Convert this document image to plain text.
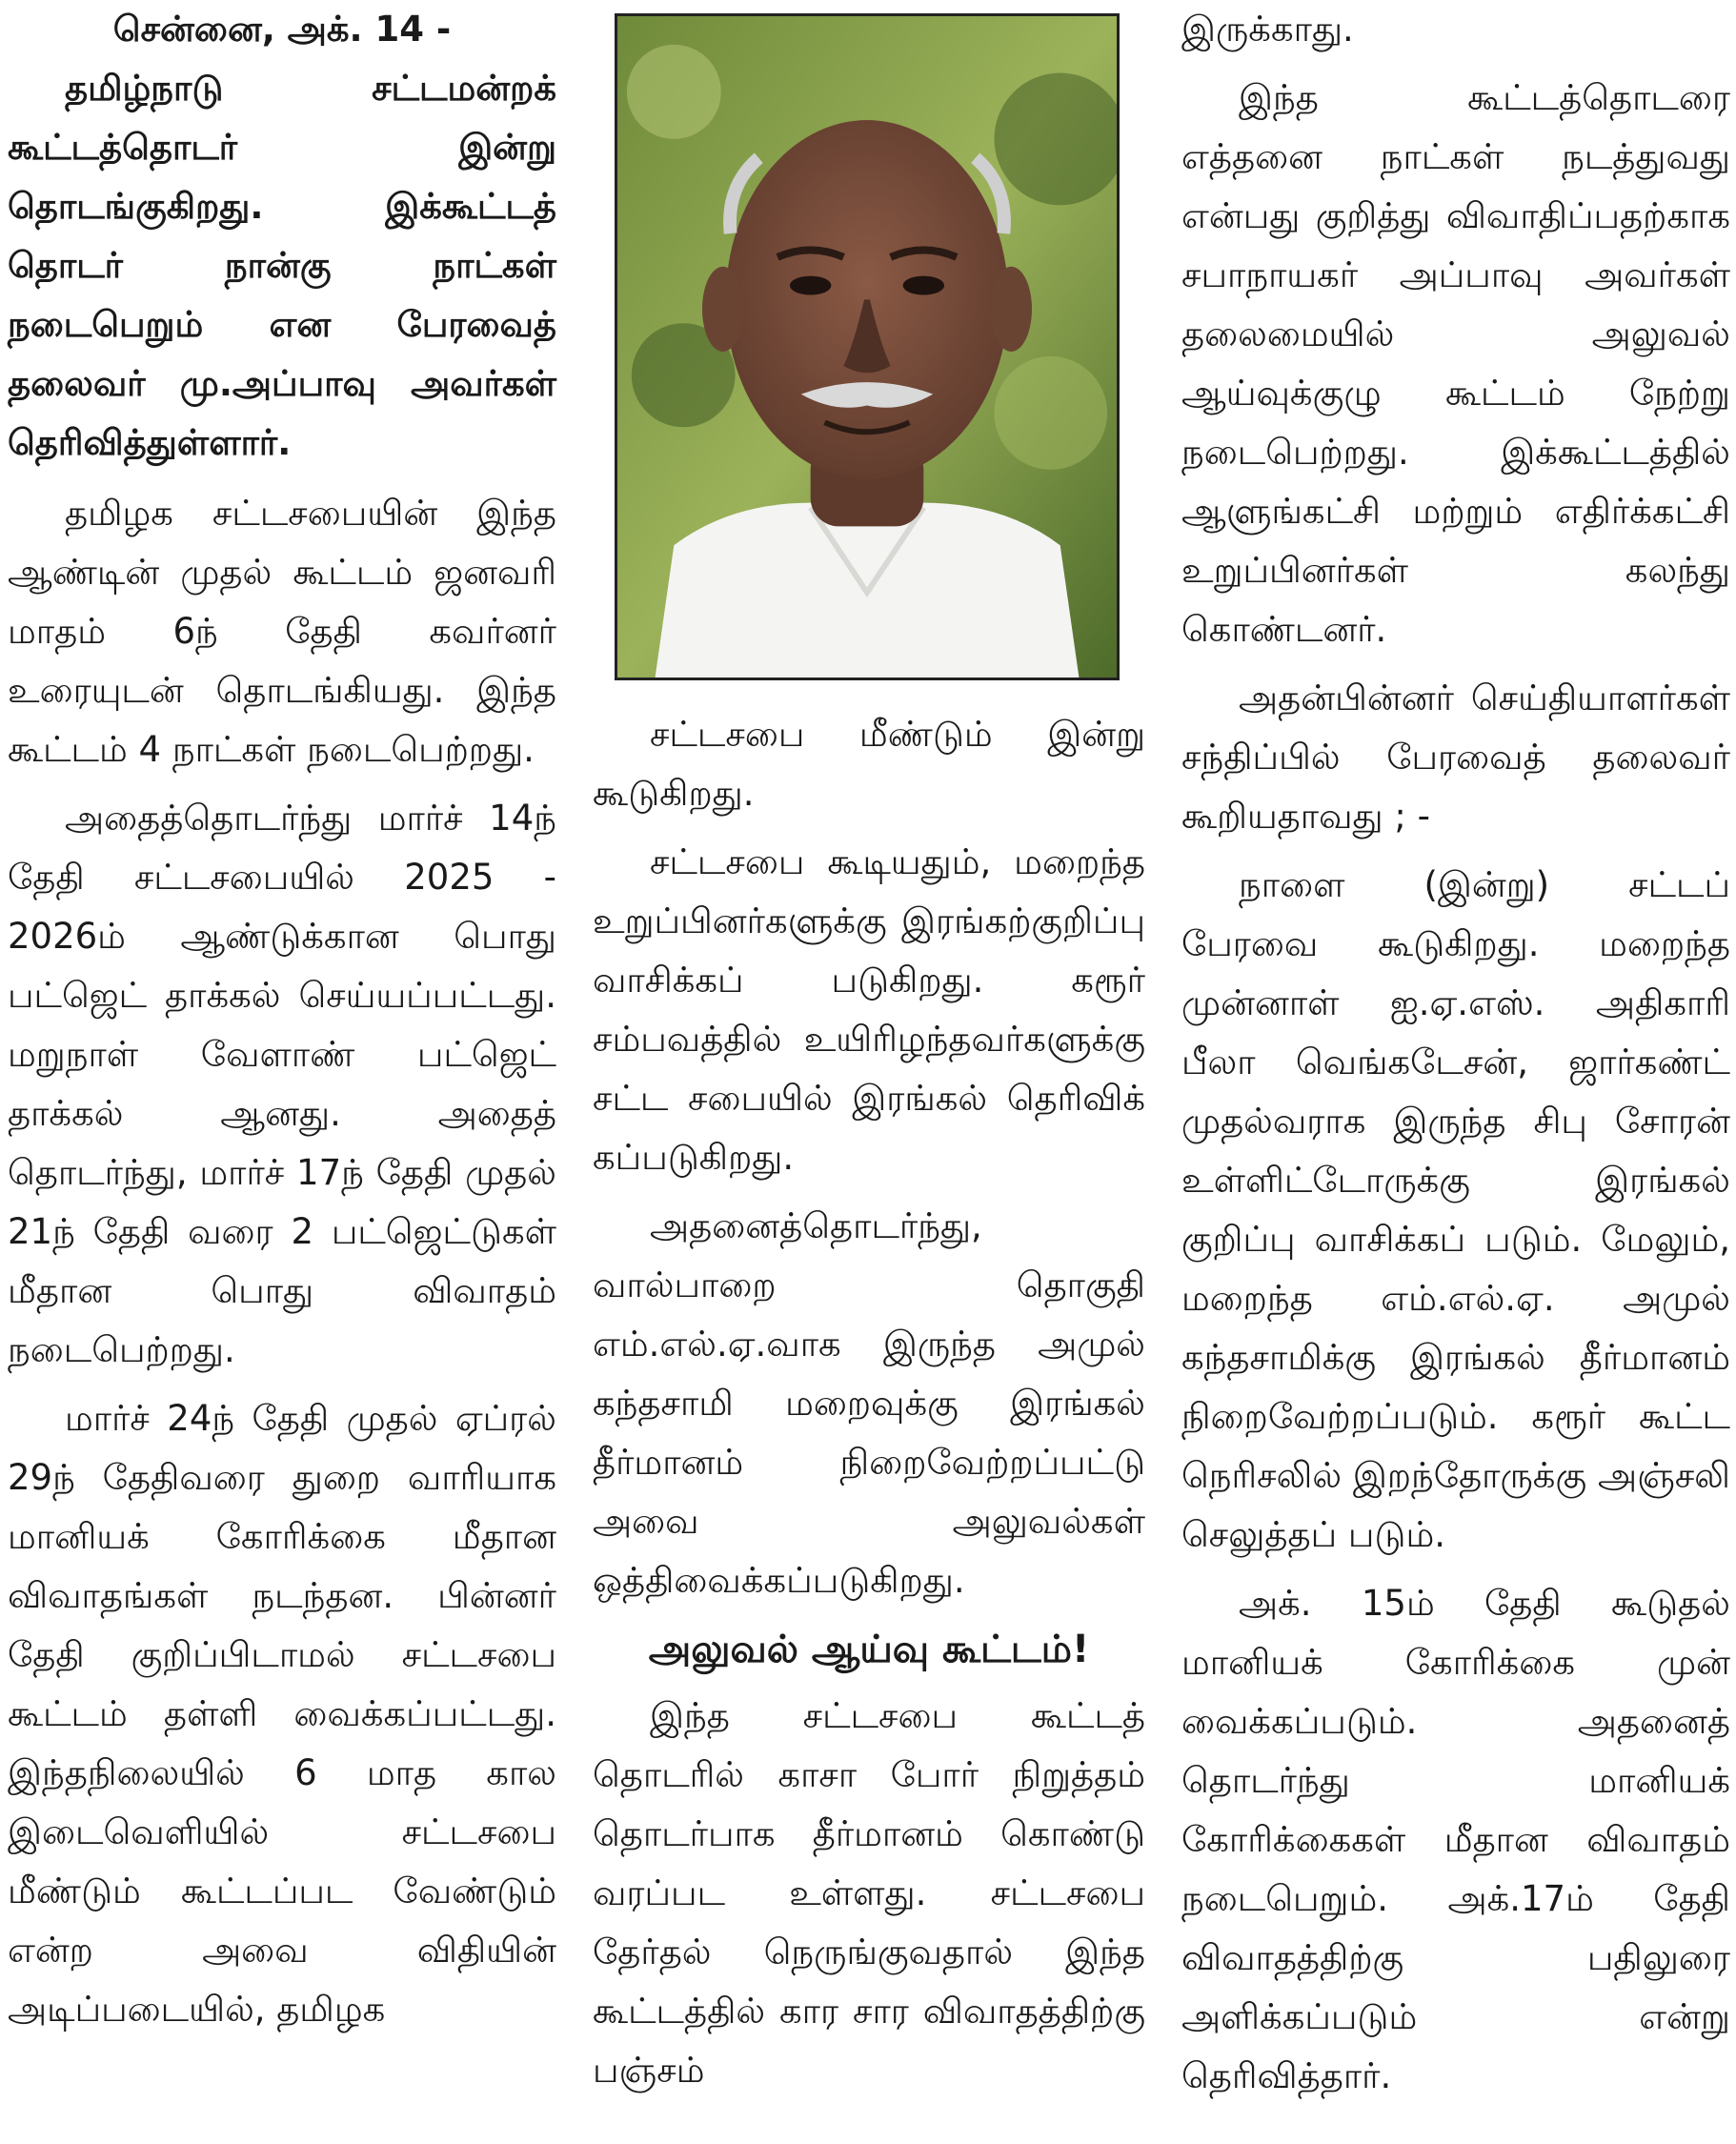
சென்னை, அக். 14 -

தமிழ்நாடு சட்டமன்றக் கூட்டத்தொடர் இன்று தொடங்குகிறது. இக்கூட்டத் தொடர் நான்கு நாட்கள் நடைபெறும் என பேரவைத் தலைவர் மு.அப்பாவு அவர்கள் தெரிவித்துள்ளார்.

தமிழக சட்டசபையின் இந்த ஆண்டின் முதல் கூட்டம் ஜனவரி மாதம் 6ந் தேதி கவர்னர் உரையுடன் தொடங்கியது. இந்த கூட்டம் 4 நாட்கள் நடைபெற்றது.

அதைத்தொடர்ந்து மார்ச் 14ந் தேதி சட்டசபையில் 2025 - 2026ம் ஆண்டுக்கான பொது பட்ஜெட் தாக்கல் செய்யப்பட்டது. மறுநாள் வேளாண் பட்ஜெட் தாக்கல் ஆனது. அதைத் தொடர்ந்து, மார்ச் 17ந் தேதி முதல் 21ந் தேதி வரை 2 பட்ஜெட்டுகள் மீதான பொது விவாதம் நடைபெற்றது.

மார்ச் 24ந் தேதி முதல் ஏப்ரல் 29ந் தேதிவரை துறை வாரியாக மானியக் கோரிக்கை மீதான விவாதங்கள் நடந்தன. பின்னர் தேதி குறிப்பிடாமல் சட்டசபை கூட்டம் தள்ளி வைக்கப்பட்டது. இந்தநிலையில் 6 மாத கால இடைவெளியில் சட்டசபை மீண்டும் கூட்டப்பட வேண்டும் என்ற அவை விதியின் அடிப்படையில், தமிழக

சட்டசபை மீண்டும் இன்று கூடுகிறது.

சட்டசபை கூடியதும், மறைந்த உறுப்பினர்களுக்கு இரங்கற்குறிப்பு வாசிக்கப் படுகிறது. கரூர் சம்பவத்தில் உயிரிழந்தவர்களுக்கு சட்ட சபையில் இரங்கல் தெரிவிக் கப்படுகிறது.

அதனைத்தொடர்ந்து, வால்பாறை தொகுதி எம்.எல்.ஏ.வாக இருந்த அமுல் கந்தசாமி மறைவுக்கு இரங்கல் தீர்மானம் நிறைவேற்றப்பட்டு அவை அலுவல்கள் ஒத்திவைக்கப்படுகிறது.

அலுவல் ஆய்வு கூட்டம்!

இந்த சட்டசபை கூட்டத் தொடரில் காசா போர் நிறுத்தம் தொடர்பாக தீர்மானம் கொண்டு வரப்பட உள்ளது. சட்டசபை தேர்தல் நெருங்குவதால் இந்த கூட்டத்தில் கார சார விவாதத்திற்கு பஞ்சம்

இருக்காது.

இந்த கூட்டத்தொடரை எத்தனை நாட்கள் நடத்துவது என்பது குறித்து விவாதிப்பதற்காக சபாநாயகர் அப்பாவு அவர்கள் தலைமையில் அலுவல் ஆய்வுக்குழு கூட்டம் நேற்று நடைபெற்றது. இக்கூட்டத்தில் ஆளுங்கட்சி மற்றும் எதிர்க்கட்சி உறுப்பினர்கள் கலந்து கொண்டனர்.

அதன்பின்னர் செய்தியாளர்கள் சந்திப்பில் பேரவைத் தலைவர் கூறியதாவது ; -

நாளை (இன்று) சட்டப் பேரவை கூடுகிறது. மறைந்த முன்னாள் ஐ.ஏ.எஸ். அதிகாரி பீலா வெங்கடேசன், ஜார்கண்ட் முதல்வராக இருந்த சிபு சோரன் உள்ளிட்டோருக்கு இரங்கல் குறிப்பு வாசிக்கப் படும். மேலும், மறைந்த எம்.எல்.ஏ. அமுல் கந்தசாமிக்கு இரங்கல் தீர்மானம் நிறைவேற்றப்படும். கரூர் கூட்ட நெரிசலில் இறந்தோருக்கு அஞ்சலி செலுத்தப் படும்.

அக். 15ம் தேதி கூடுதல் மானியக் கோரிக்கை முன் வைக்கப்படும். அதனைத் தொடர்ந்து மானியக் கோரிக்கைகள் மீதான விவாதம் நடைபெறும். அக்.17ம் தேதி விவாதத்திற்கு பதிலுரை அளிக்கப்படும் என்று தெரிவித்தார்.
